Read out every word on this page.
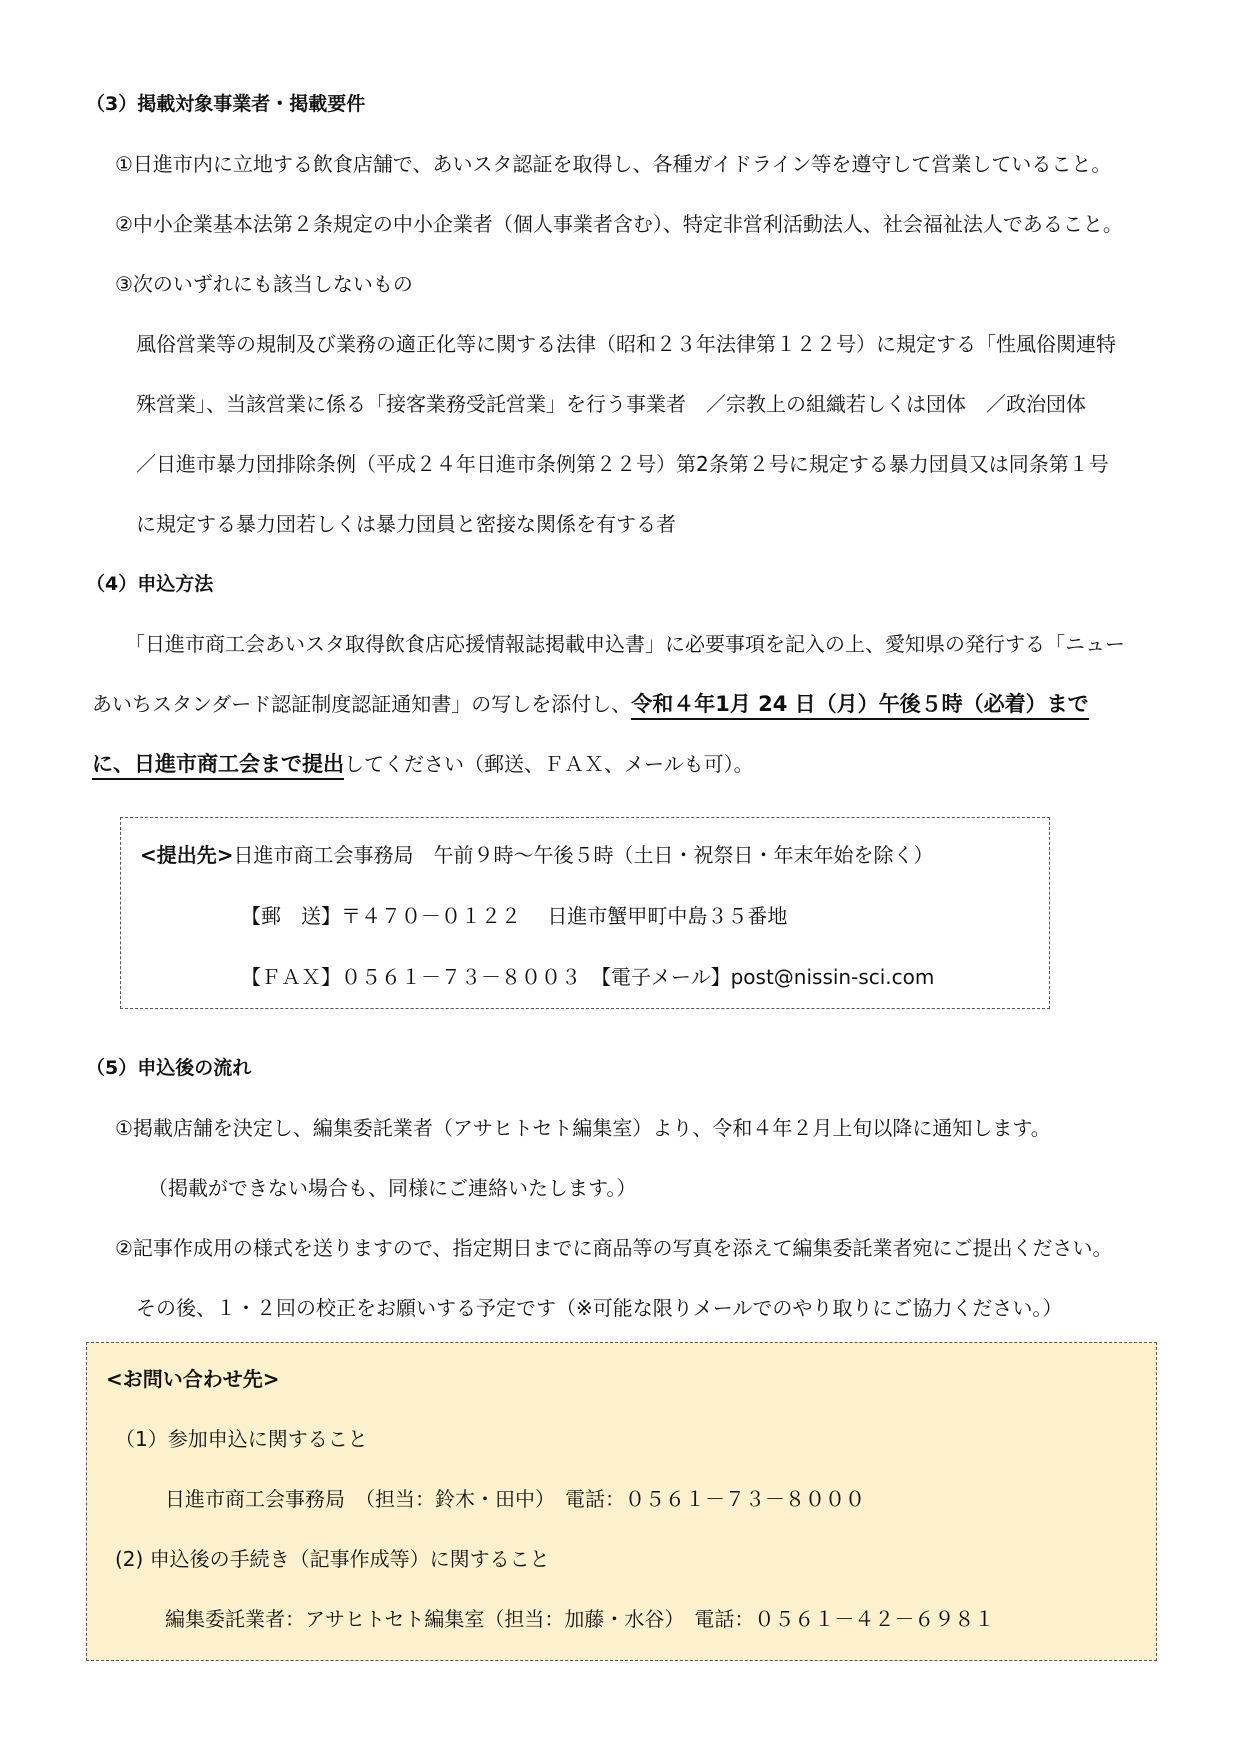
（3）掲載対象事業者・掲載要件
①日進市内に立地する飲食店舗で、あいスタ認証を取得し、各種ガイドライン等を遵守して営業していること。
②中小企業基本法第２条規定の中小企業者（個人事業者含む）、特定非営利活動法人、社会福祉法人であること。
③次のいずれにも該当しないもの
風俗営業等の規制及び業務の適正化等に関する法律（昭和２３年法律第１２２号）に規定する「性風俗関連特
殊営業」、当該営業に係る「接客業務受託営業」を行う事業者　／宗教上の組織若しくは団体　／政治団体
／日進市暴力団排除条例（平成２４年日進市条例第２２号）第2条第２号に規定する暴力団員又は同条第１号
に規定する暴力団若しくは暴力団員と密接な関係を有する者
（4）申込方法
「日進市商工会あいスタ取得飲食店応援情報誌掲載申込書」に必要事項を記入の上、愛知県の発行する「ニュー
あいちスタンダード認証制度認証通知書」の写しを添付し、令和４年1月 24 日（月）午後５時（必着）まで
に、日進市商工会まで提出してください（郵送、ＦＡＸ、メールも可）。
<提出先>日進市商工会事務局　午前９時～午後５時（土日・祝祭日・年末年始を除く）
【郵　送】〒４７０－０１２２　 日進市蟹甲町中島３５番地
【ＦＡＸ】０５６１－７３－８００３　【電子メール】post@nissin-sci.com
（5）申込後の流れ
①掲載店舗を決定し、編集委託業者（アサヒトセト編集室）より、令和４年２月上旬以降に通知します。
（掲載ができない場合も、同様にご連絡いたします。）
②記事作成用の様式を送りますので、指定期日までに商品等の写真を添えて編集委託業者宛にご提出ください。
その後、１・２回の校正をお願いする予定です（※可能な限りメールでのやり取りにご協力ください。）
<お問い合わせ先>
（1）参加申込に関すること
日進市商工会事務局　（担当：鈴木・田中）　電話：０５６１－７３－８０００
(2) 申込後の手続き（記事作成等）に関すること
編集委託業者：アサヒトセト編集室（担当：加藤・水谷）　電話：０５６１－４２－６９８１
